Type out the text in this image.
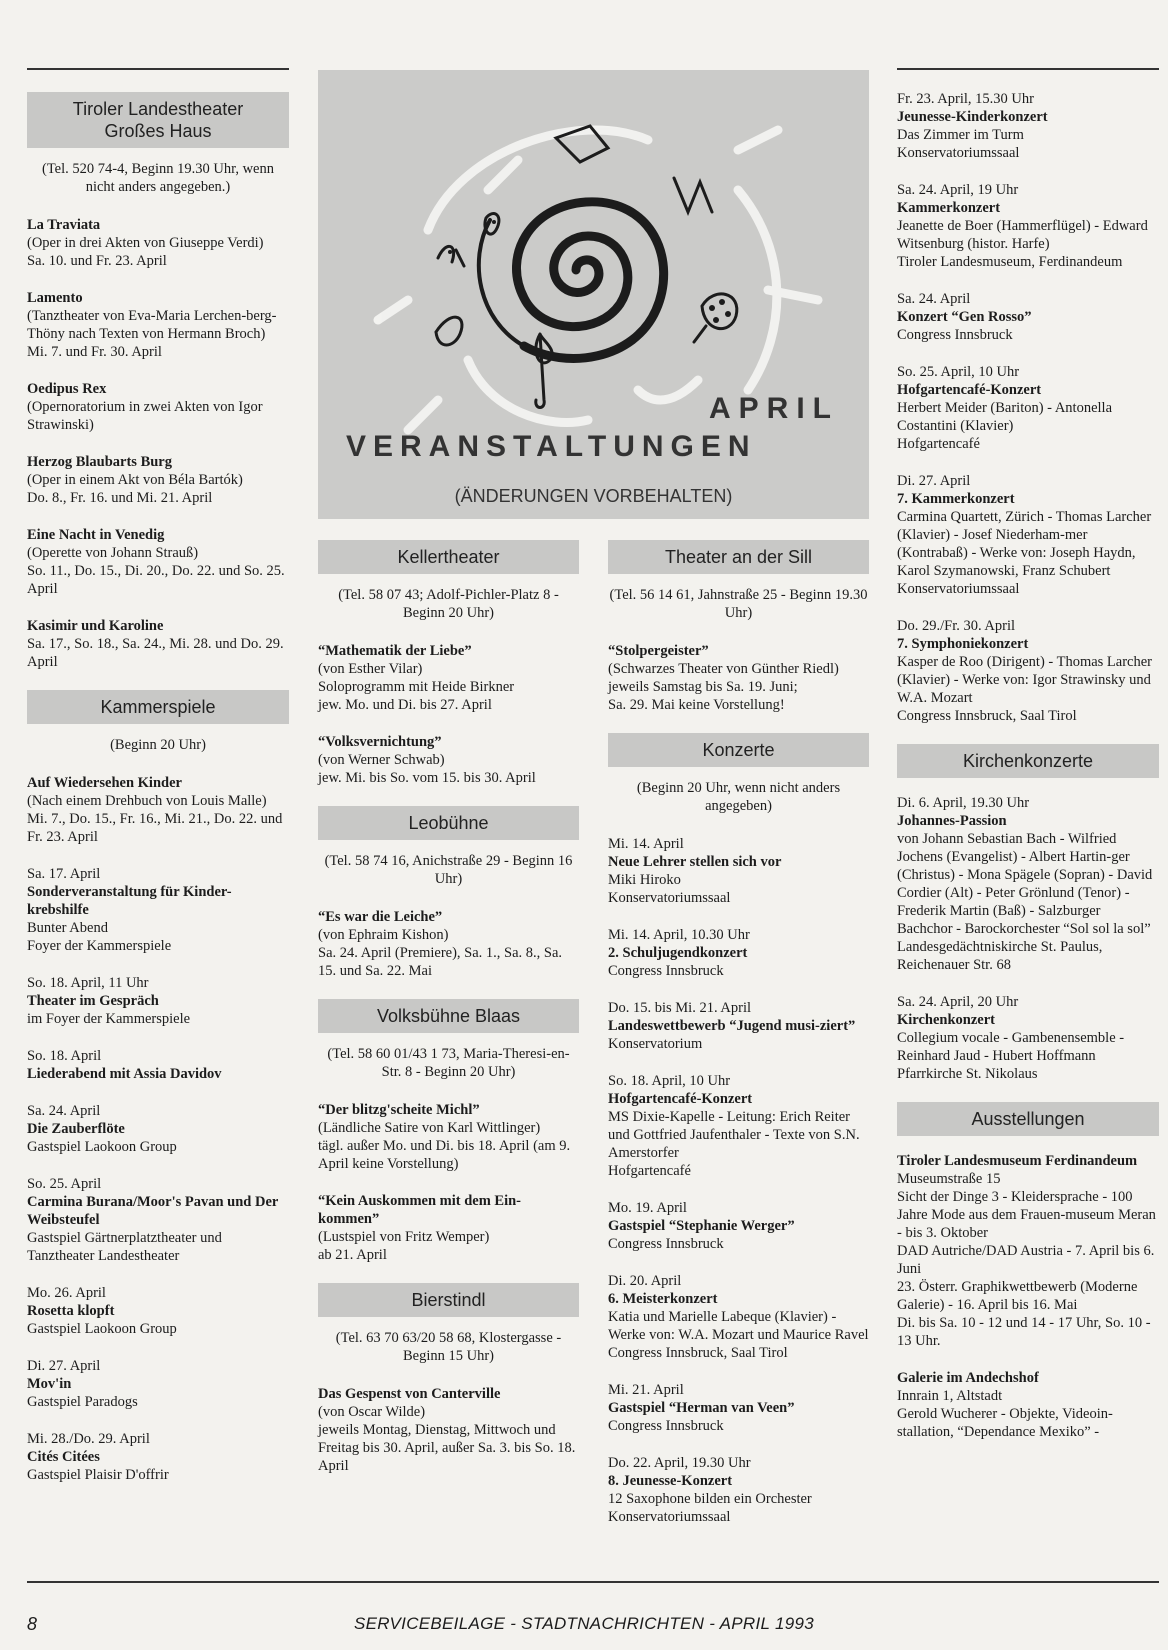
Tiroler Landestheater
Großes Haus
(Tel. 520 74-4, Beginn 19.30 Uhr, wenn nicht anders angegeben.)
La Traviata
(Oper in drei Akten von Giuseppe Verdi)
Sa. 10. und Fr. 23. April
Lamento
(Tanztheater von Eva-Maria Lerchen-berg-Thöny nach Texten von Hermann Broch)
Mi. 7. und Fr. 30. April
Oedipus Rex
(Opernoratorium in zwei Akten von Igor Strawinski)
Herzog Blaubarts Burg
(Oper in einem Akt von Béla Bartók)
Do. 8., Fr. 16. und Mi. 21. April
Eine Nacht in Venedig
(Operette von Johann Strauß)
So. 11., Do. 15., Di. 20., Do. 22. und So. 25. April
Kasimir und Karoline
Sa. 17., So. 18., Sa. 24., Mi. 28. und Do. 29. April
Kammerspiele
(Beginn 20 Uhr)
Auf Wiedersehen Kinder
(Nach einem Drehbuch von Louis Malle)
Mi. 7., Do. 15., Fr. 16., Mi. 21., Do. 22. und Fr. 23. April
Sa. 17. April
Sonderveranstaltung für Kinder-krebshilfe
Bunter Abend
Foyer der Kammerspiele
So. 18. April, 11 Uhr
Theater im Gespräch
im Foyer der Kammerspiele
So. 18. April
Liederabend mit Assia Davidov
Sa. 24. April
Die Zauberflöte
Gastspiel Laokoon Group
So. 25. April
Carmina Burana/Moor's Pavan und Der Weibsteufel
Gastspiel Gärtnerplatztheater und Tanztheater Landestheater
Mo. 26. April
Rosetta klopft
Gastspiel Laokoon Group
Di. 27. April
Mov'in
Gastspiel Paradogs
Mi. 28./Do. 29. April
Cités Citées
Gastspiel Plaisir D'offrir
APRIL
VERANSTALTUNGEN
(ÄNDERUNGEN VORBEHALTEN)
Kellertheater
(Tel. 58 07 43; Adolf-Pichler-Platz 8 - Beginn 20 Uhr)
“Mathematik der Liebe”
(von Esther Vilar)
Soloprogramm mit Heide Birkner
jew. Mo. und Di. bis 27. April
“Volksvernichtung”
(von Werner Schwab)
jew. Mi. bis So. vom 15. bis 30. April
Leobühne
(Tel. 58 74 16, Anichstraße 29 - Beginn 16 Uhr)
“Es war die Leiche”
(von Ephraim Kishon)
Sa. 24. April (Premiere), Sa. 1., Sa. 8., Sa. 15. und Sa. 22. Mai
Volksbühne Blaas
(Tel. 58 60 01/43 1 73, Maria-Theresi-en-Str. 8 - Beginn 20 Uhr)
“Der blitzg'scheite Michl”
(Ländliche Satire von Karl Wittlinger)
tägl. außer Mo. und Di. bis 18. April (am 9. April keine Vorstellung)
“Kein Auskommen mit dem Ein-kommen”
(Lustspiel von Fritz Wemper)
ab 21. April
Bierstindl
(Tel. 63 70 63/20 58 68, Klostergasse - Beginn 15 Uhr)
Das Gespenst von Canterville
(von Oscar Wilde)
jeweils Montag, Dienstag, Mittwoch und Freitag bis 30. April, außer Sa. 3. bis So. 18. April
Theater an der Sill
(Tel. 56 14 61, Jahnstraße 25 - Beginn 19.30 Uhr)
“Stolpergeister”
(Schwarzes Theater von Günther Riedl)
jeweils Samstag bis Sa. 19. Juni;
Sa. 29. Mai keine Vorstellung!
Konzerte
(Beginn 20 Uhr, wenn nicht anders angegeben)
Mi. 14. April
Neue Lehrer stellen sich vor
Miki Hiroko
Konservatoriumssaal
Mi. 14. April, 10.30 Uhr
2. Schuljugendkonzert
Congress Innsbruck
Do. 15. bis Mi. 21. April
Landeswettbewerb “Jugend musi-ziert”
Konservatorium
So. 18. April, 10 Uhr
Hofgartencafé-Konzert
MS Dixie-Kapelle - Leitung: Erich Reiter und Gottfried Jaufenthaler - Texte von S.N. Amerstorfer
Hofgartencafé
Mo. 19. April
Gastspiel “Stephanie Werger”
Congress Innsbruck
Di. 20. April
6. Meisterkonzert
Katia und Marielle Labeque (Klavier) - Werke von: W.A. Mozart und Maurice Ravel
Congress Innsbruck, Saal Tirol
Mi. 21. April
Gastspiel “Herman van Veen”
Congress Innsbruck
Do. 22. April, 19.30 Uhr
8. Jeunesse-Konzert
12 Saxophone bilden ein Orchester
Konservatoriumssaal
Fr. 23. April, 15.30 Uhr
Jeunesse-Kinderkonzert
Das Zimmer im Turm
Konservatoriumssaal
Sa. 24. April, 19 Uhr
Kammerkonzert
Jeanette de Boer (Hammerflügel) - Edward Witsenburg (histor. Harfe)
Tiroler Landesmuseum, Ferdinandeum
Sa. 24. April
Konzert “Gen Rosso”
Congress Innsbruck
So. 25. April, 10 Uhr
Hofgartencafé-Konzert
Herbert Meider (Bariton) - Antonella Costantini (Klavier)
Hofgartencafé
Di. 27. April
7. Kammerkonzert
Carmina Quartett, Zürich - Thomas Larcher (Klavier) - Josef Niederham-mer (Kontrabaß) - Werke von: Joseph Haydn, Karol Szymanowski, Franz Schubert
Konservatoriumssaal
Do. 29./Fr. 30. April
7. Symphoniekonzert
Kasper de Roo (Dirigent) - Thomas Larcher (Klavier) - Werke von: Igor Strawinsky und W.A. Mozart
Congress Innsbruck, Saal Tirol
Kirchenkonzerte
Di. 6. April, 19.30 Uhr
Johannes-Passion
von Johann Sebastian Bach - Wilfried Jochens (Evangelist) - Albert Hartin-ger (Christus) - Mona Spägele (Sopran) - David Cordier (Alt) - Peter Grönlund (Tenor) -Frederik Martin (Baß) - Salzburger Bachchor - Barockorchester “Sol sol la sol”
Landesgedächtniskirche St. Paulus, Reichenauer Str. 68
Sa. 24. April, 20 Uhr
Kirchenkonzert
Collegium vocale - Gambenensemble - Reinhard Jaud - Hubert Hoffmann
Pfarrkirche St. Nikolaus
Ausstellungen
Tiroler Landesmuseum Ferdinandeum
Museumstraße 15
Sicht der Dinge 3 - Kleidersprache - 100 Jahre Mode aus dem Frauen-museum Meran - bis 3. Oktober
DAD Autriche/DAD Austria - 7. April bis 6. Juni
23. Österr. Graphikwettbewerb (Moderne Galerie) - 16. April bis 16. Mai
Di. bis Sa. 10 - 12 und 14 - 17 Uhr, So. 10 - 13 Uhr.
Galerie im Andechshof
Innrain 1, Altstadt
Gerold Wucherer - Objekte, Videoin-stallation, “Dependance Mexiko” -
8	SERVICEBEILAGE - STADTNACHRICHTEN - APRIL 1993
